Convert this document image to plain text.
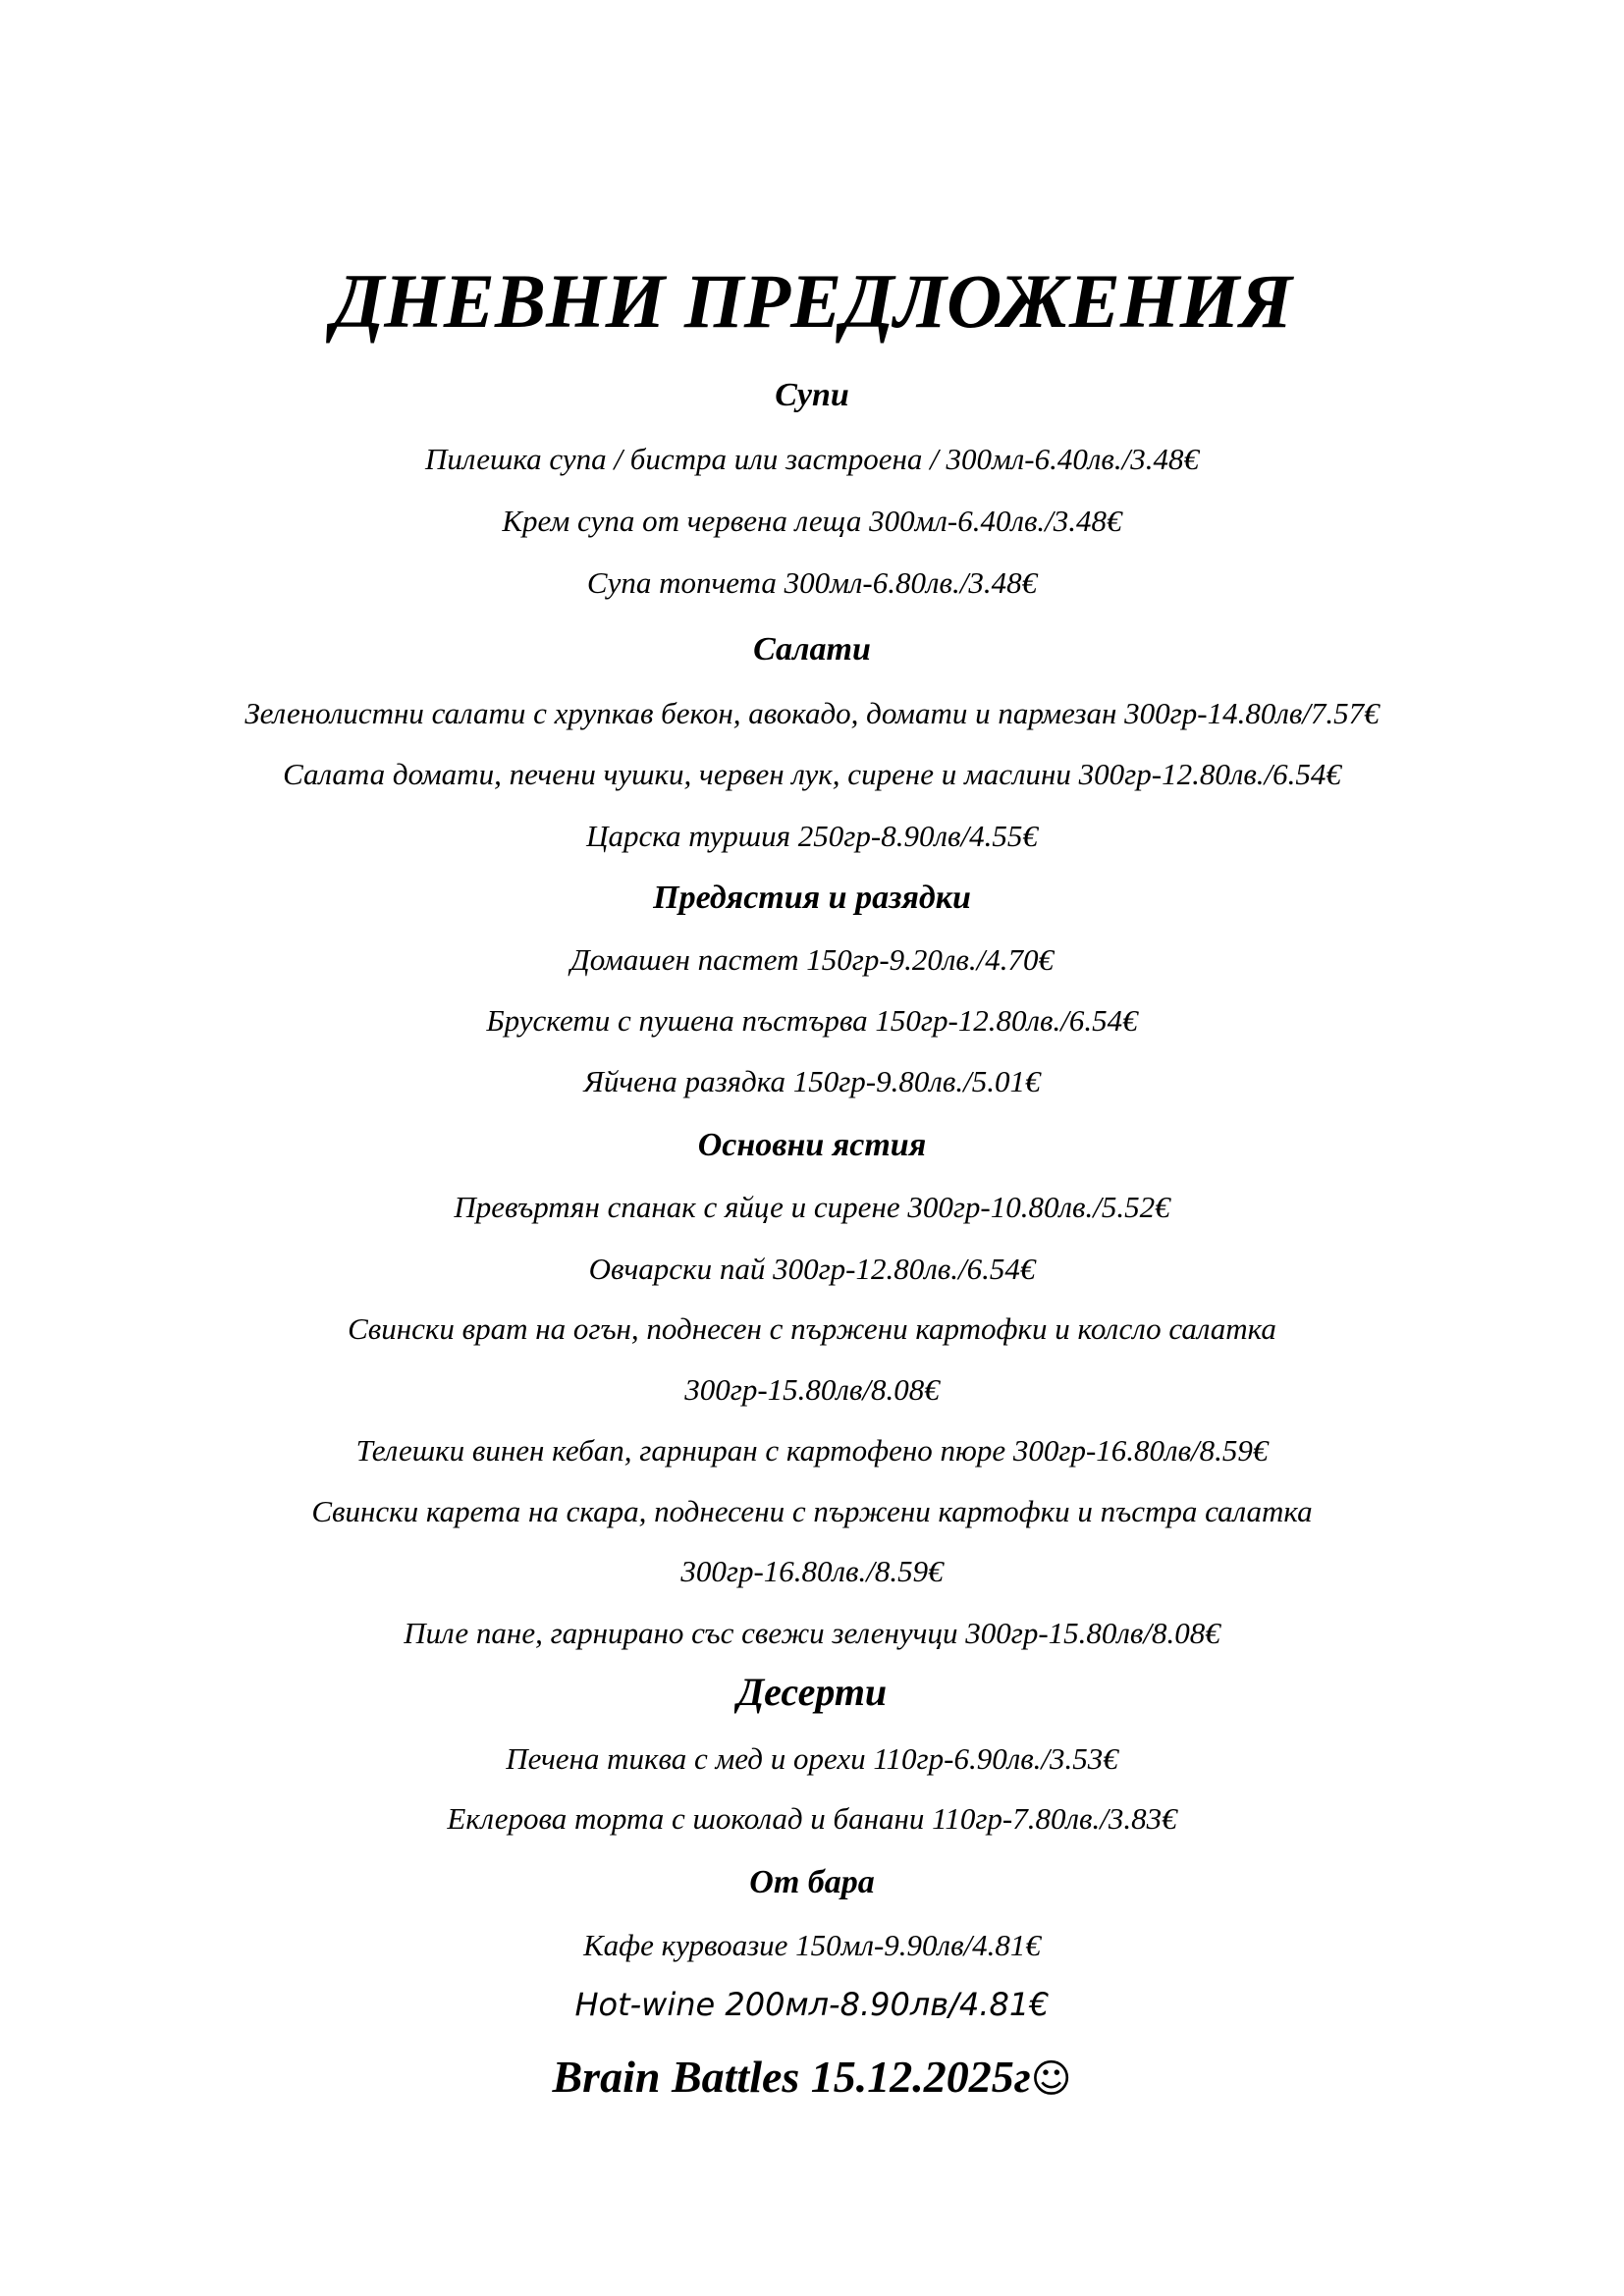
ДНЕВНИ ПРЕДЛОЖЕНИЯ
Супи
Пилешка супа / бистра или застроена / 300мл-6.40лв./3.48€
Крем супа от червена леща 300мл-6.40лв./3.48€
Супа топчета 300мл-6.80лв./3.48€
Салати
Зеленолистни салати с хрупкав бекон, авокадо, домати и пармезан 300гр-14.80лв/7.57€
Салата домати, печени чушки, червен лук, сирене и маслини 300гр-12.80лв./6.54€
Царска туршия 250гр-8.90лв/4.55€
Предястия и разядки
Домашен пастет 150гр-9.20лв./4.70€
Брускети с пушена пъстърва 150гр-12.80лв./6.54€
Яйчена разядка 150гр-9.80лв./5.01€
Основни ястия
Превъртян спанак с яйце и сирене 300гр-10.80лв./5.52€
Овчарски пай 300гр-12.80лв./6.54€
Свински врат на огън, поднесен с пържени картофки и колсло салатка
300гр-15.80лв/8.08€
Телешки винен кебап, гарниран с картофено пюре 300гр-16.80лв/8.59€
Свински карета на скара, поднесени с пържени картофки и пъстра салатка
300гр-16.80лв./8.59€
Пиле пане, гарнирано със свежи зеленучци 300гр-15.80лв/8.08€
Десерти
Печена тиква с мед и орехи 110гр-6.90лв./3.53€
Еклерова торта с шоколад и банани 110гр-7.80лв./3.83€
От бара
Кафе курвоазие 150мл-9.90лв/4.81€
Hot-wine 200мл-8.90лв/4.81€
Brain Battles 15.12.2025г☺
